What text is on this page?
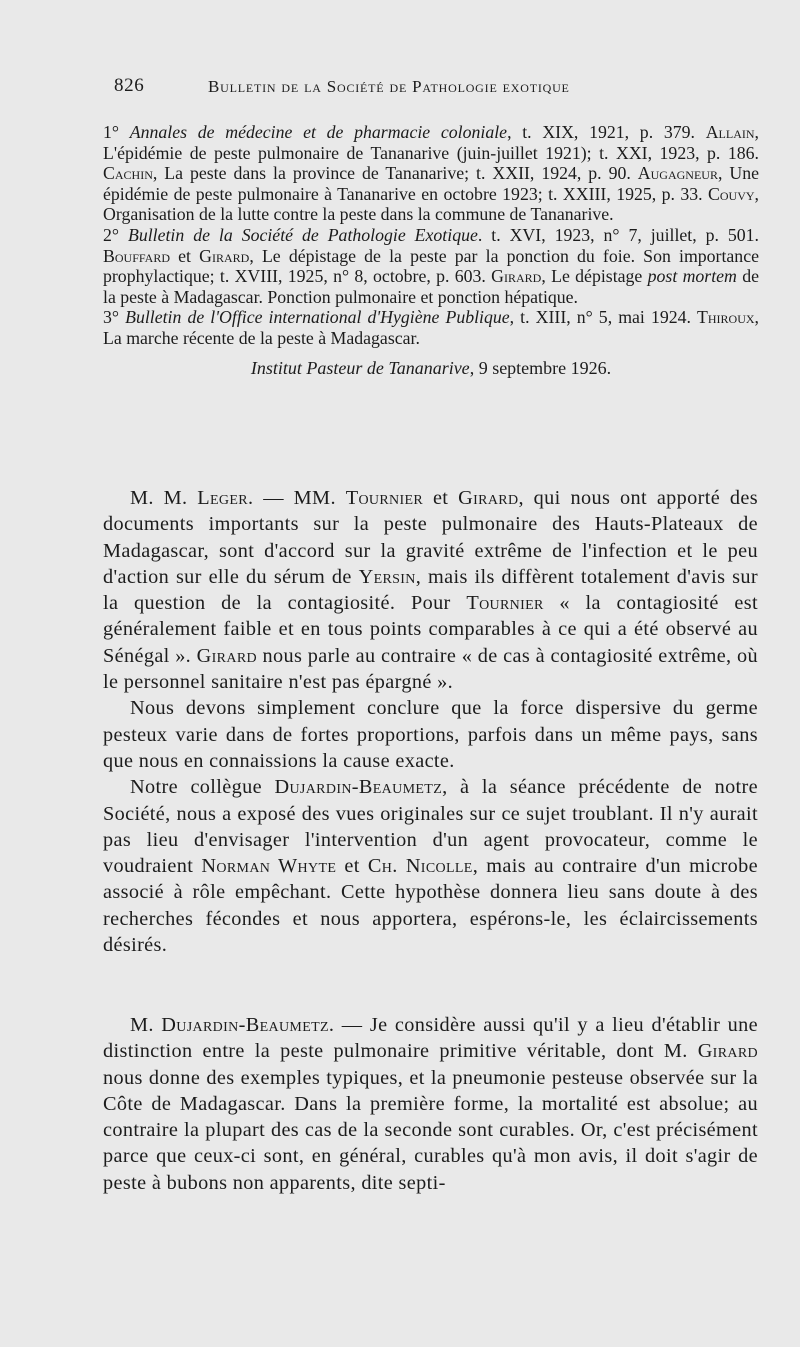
826	Bulletin de la Société de Pathologie exotique

1° Annales de médecine et de pharmacie coloniale, t. XIX, 1921, p. 379. Allain, L'épidémie de peste pulmonaire de Tananarive (juin-juillet 1921); t. XXI, 1923, p. 186. Cachin, La peste dans la province de Tananarive; t. XXII, 1924, p. 90. Augagneur, Une épidémie de peste pulmonaire à Tananarive en octobre 1923; t. XXIII, 1925, p. 33. Couvy, Organisation de la lutte contre la peste dans la commune de Tananarive.

2° Bulletin de la Société de Pathologie Exotique. t. XVI, 1923, n° 7, juillet, p. 501. Bouffard et Girard, Le dépistage de la peste par la ponction du foie. Son importance prophylactique; t. XVIII, 1925, n° 8, octobre, p. 603. Girard, Le dépistage post mortem de la peste à Madagascar. Ponction pulmonaire et ponction hépatique.

3° Bulletin de l'Office international d'Hygiène Publique, t. XIII, n° 5, mai 1924. Thiroux, La marche récente de la peste à Madagascar.

Institut Pasteur de Tananarive, 9 septembre 1926.

M. M. Leger. — MM. Tournier et Girard, qui nous ont apporté des documents importants sur la peste pulmonaire des Hauts-Plateaux de Madagascar, sont d'accord sur la gravité extrême de l'infection et le peu d'action sur elle du sérum de Yersin, mais ils diffèrent totalement d'avis sur la question de la contagiosité. Pour Tournier « la contagiosité est généralement faible et en tous points comparables à ce qui a été observé au Sénégal ». Girard nous parle au contraire « de cas à contagiosité extrême, où le personnel sanitaire n'est pas épargné ».

Nous devons simplement conclure que la force dispersive du germe pesteux varie dans de fortes proportions, parfois dans un même pays, sans que nous en connaissions la cause exacte.

Notre collègue Dujardin-Beaumetz, à la séance précédente de notre Société, nous a exposé des vues originales sur ce sujet troublant. Il n'y aurait pas lieu d'envisager l'intervention d'un agent provocateur, comme le voudraient Norman Whyte et Ch. Nicolle, mais au contraire d'un microbe associé à rôle empêchant. Cette hypothèse donnera lieu sans doute à des recherches fécondes et nous apportera, espérons-le, les éclaircissements désirés.

M. Dujardin-Beaumetz. — Je considère aussi qu'il y a lieu d'établir une distinction entre la peste pulmonaire primitive véritable, dont M. Girard nous donne des exemples typiques, et la pneumonie pesteuse observée sur la Côte de Madagascar. Dans la première forme, la mortalité est absolue; au contraire la plupart des cas de la seconde sont curables. Or, c'est précisément parce que ceux-ci sont, en général, curables qu'à mon avis, il doit s'agir de peste à bubons non apparents, dite septi-
